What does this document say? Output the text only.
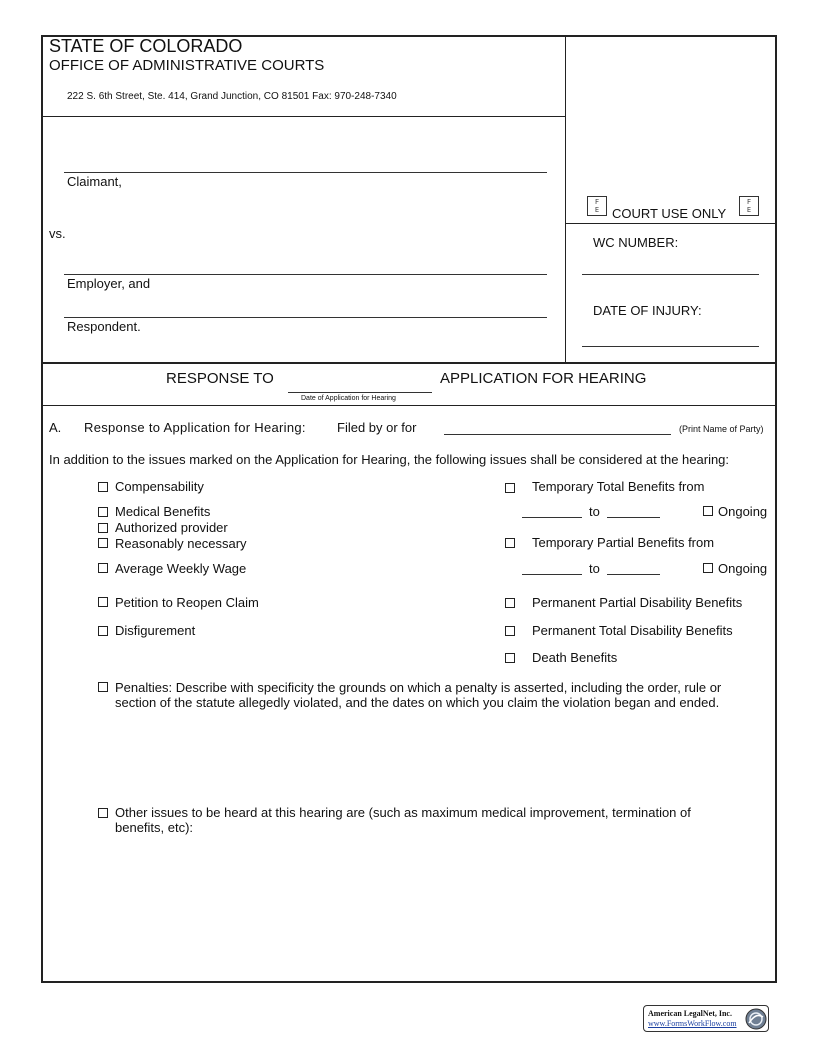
STATE OF COLORADO
OFFICE OF ADMINISTRATIVE COURTS
222 S. 6th Street, Ste. 414, Grand Junction, CO 81501 Fax: 970-248-7340
Claimant,
vs.
Employer, and
Respondent.
F
E COURT USE ONLY
F
E
WC NUMBER:
DATE OF INJURY:
RESPONSE TO
Date of Application for Hearing
APPLICATION FOR HEARING
A. Response to Application for Hearing: Filed by or for	(Print Name of Party)
In addition to the issues marked on the Application for Hearing, the following issues shall be considered at the hearing:
Compensability
Medical Benefits
Authorized provider
Reasonably necessary
Average Weekly Wage
Petition to Reopen Claim
Disfigurement
Temporary Total Benefits from
to	Ongoing
Temporary Partial Benefits from
to	Ongoing
Permanent Partial Disability Benefits
Permanent Total Disability Benefits
Death Benefits
Penalties: Describe with specificity the grounds on which a penalty is asserted, including the order, rule or
section of the statute allegedly violated, and the dates on which you claim the violation began and ended.
Other issues to be heard at this hearing are (such as maximum medical improvement, termination of
benefits, etc):
American LegalNet, Inc.
www.FormsWorkFlow.com
